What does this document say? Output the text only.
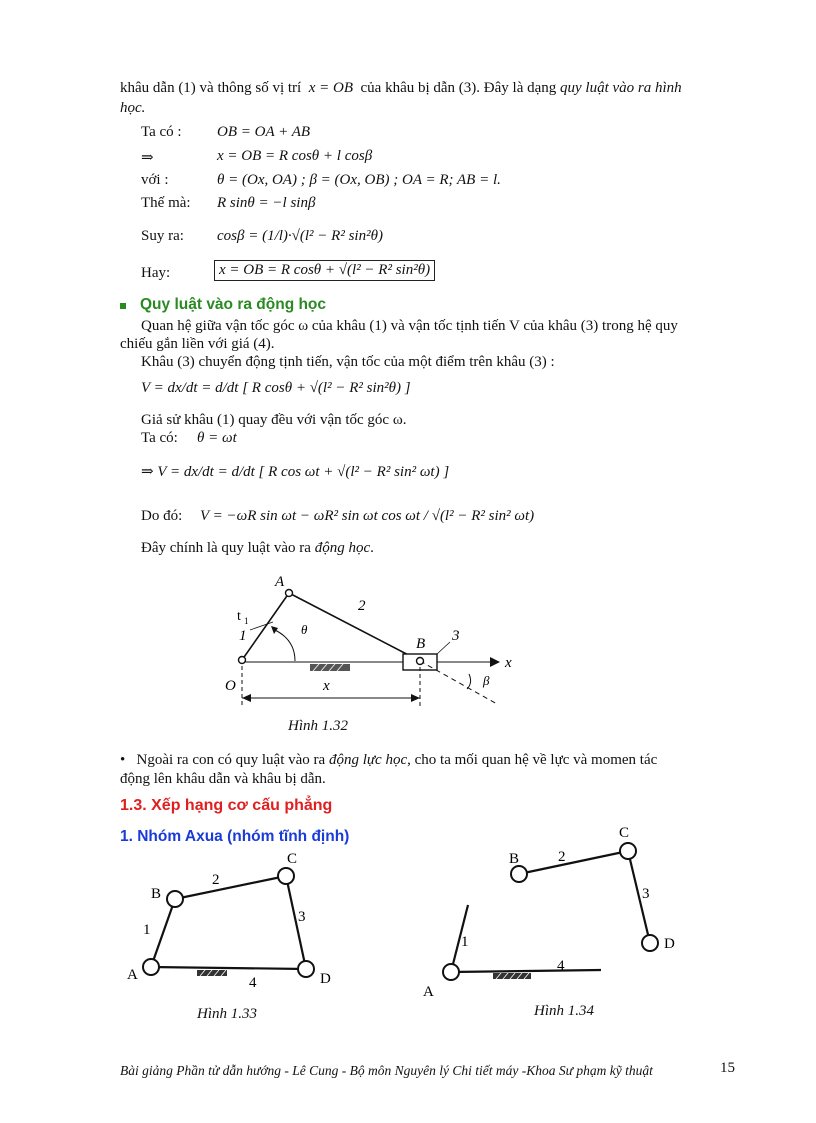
khâu dẫn (1) và thông số vị trí x = OB của khâu bị dẫn (3). Đây là dạng quy luật vào ra hình
học.
Ta có : OB = OA + AB
⇒	x = OB = R cosθ + l cosβ
với :	θ = (Ox, OA) ; β = (Ox, OB) ; OA = R; AB = l.
Thế mà: R sinθ = −l sinβ
Suy ra: cosβ = (1/l)·√(l² − R² sin²θ)
Hay:	x = OB = R cosθ + √(l² − R² sin²θ)
Quy luật vào ra động học
Quan hệ giữa vận tốc góc ω của khâu (1) và vận tốc tịnh tiến V của khâu (3) trong hệ quy
chiếu gắn liền với giá (4).
Khâu (3) chuyển động tịnh tiến, vận tốc của một điểm trên khâu (3) :
V = dx/dt = d/dt [ R cosθ + √(l² − R² sin²θ) ]
Giả sử khâu (1) quay đều với vận tốc góc ω.
Ta có: θ = ωt
⇒ V = dx/dt = d/dt [ R cos ωt + √(l² − R² sin² ωt) ]
Do đó: V = −ωR sin ωt − ωR² sin ωt cos ωt / √(l² − R² sin² ωt)
Đây chính là quy luật vào ra động học.
A
O
B
x
x
1
2
3
t 1
θ
β
Hình 1.32
• Ngoài ra con có quy luật vào ra động lực học, cho ta mối quan hệ về lực và momen tác
động lên khâu dẫn và khâu bị dẫn.
1.3. Xếp hạng cơ cấu phẳng
1. Nhóm Axua (nhóm tĩnh định)
A
B
C
D
1
2
3
4
Hình 1.33
A
B
C
D
1
2
3
4
Hình 1.34
Bài giảng Phần tử dẫn hướng - Lê Cung - Bộ môn Nguyên lý Chi tiết máy -Khoa Sư phạm kỹ thuật	15
